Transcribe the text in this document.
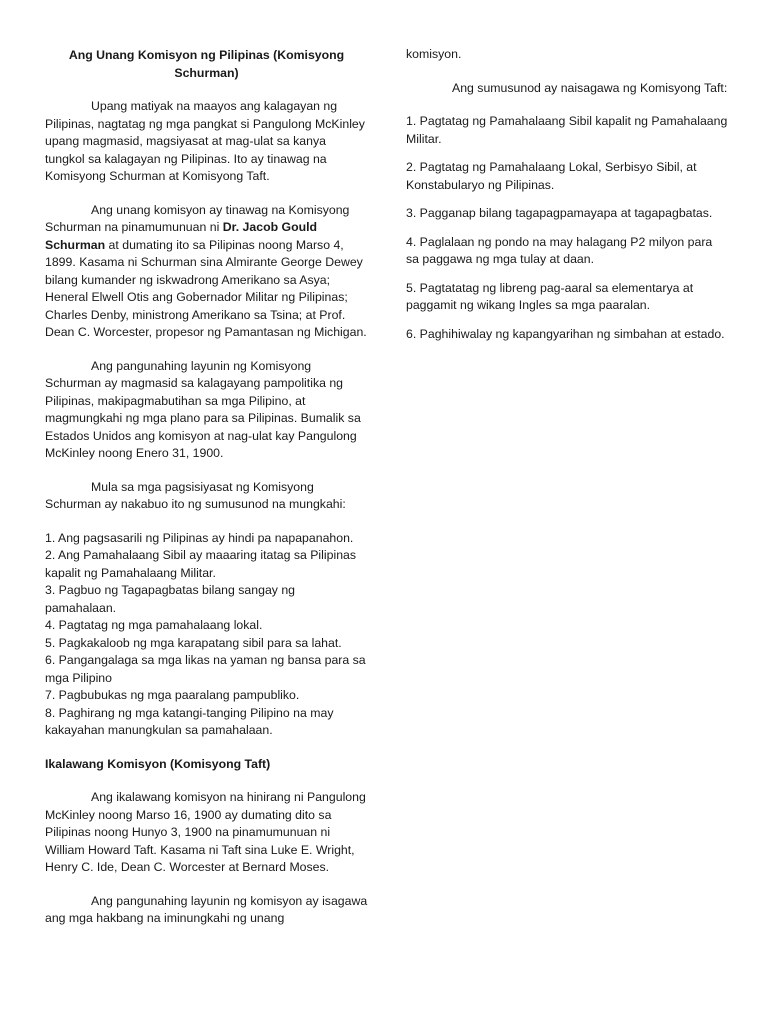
Ang Unang Komisyon ng Pilipinas (Komisyong Schurman)

Upang matiyak na maayos ang kalagayan ng Pilipinas, nagtatag ng mga pangkat si Pangulong McKinley upang magmasid, magsiyasat at mag-ulat sa kanya tungkol sa kalagayan ng Pilipinas. Ito ay tinawag na Komisyong Schurman at Komisyong Taft.

Ang unang komisyon ay tinawag na Komisyong Schurman na pinamumunuan ni Dr. Jacob Gould Schurman at dumating ito sa Pilipinas noong Marso 4, 1899. Kasama ni Schurman sina Almirante George Dewey bilang kumander ng iskwadrong Amerikano sa Asya; Heneral Elwell Otis ang Gobernador Militar ng Pilipinas; Charles Denby, ministrong Amerikano sa Tsina; at Prof. Dean C. Worcester, propesor ng Pamantasan ng Michigan.

Ang pangunahing layunin ng Komisyong Schurman ay magmasid sa kalagayang pampolitika ng Pilipinas, makipagmabutihan sa mga Pilipino, at magmungkahi ng mga plano para sa Pilipinas. Bumalik sa Estados Unidos ang komisyon at nag-ulat kay Pangulong McKinley noong Enero 31, 1900.

Mula sa mga pagsisiyasat ng Komisyong Schurman ay nakabuo ito ng sumusunod na mungkahi:

1. Ang pagsasarili ng Pilipinas ay hindi pa napapanahon.
2. Ang Pamahalaang Sibil ay maaaring itatag sa Pilipinas kapalit ng Pamahalaang Militar.
3. Pagbuo ng Tagapagbatas bilang sangay ng pamahalaan.
4. Pagtatag ng mga pamahalaang lokal.
5. Pagkakaloob ng mga karapatang sibil para sa lahat.
6. Pangangalaga sa mga likas na yaman ng bansa para sa mga Pilipino
7. Pagbubukas ng mga paaralang pampubliko.
8. Paghirang ng mga katangi-tanging Pilipino na may kakayahan manungkulan sa pamahalaan.
Ikalawang Komisyon (Komisyong Taft)

Ang ikalawang komisyon na hinirang ni Pangulong McKinley noong Marso 16, 1900 ay dumating dito sa Pilipinas noong Hunyo 3, 1900 na pinamumunuan ni William Howard Taft. Kasama ni Taft sina Luke E. Wright, Henry C. Ide, Dean C. Worcester at Bernard Moses.

Ang pangunahing layunin ng komisyon ay isagawa ang mga hakbang na iminungkahi ng unang

komisyon.

Ang sumusunod ay naisagawa ng Komisyong Taft:

1. Pagtatag ng Pamahalaang Sibil kapalit ng Pamahalaang Militar.
2. Pagtatag ng Pamahalaang Lokal, Serbisyo Sibil, at Konstabularyo ng Pilipinas.
3. Pagganap bilang tagapagpamayapa at tagapagbatas.
4. Paglalaan ng pondo na may halagang P2 milyon para sa paggawa ng mga tulay at daan.
5. Pagtatatag ng libreng pag-aaral sa elementarya at paggamit ng wikang Ingles sa mga paaralan.
6. Paghihiwalay ng kapangyarihan ng simbahan at estado.
